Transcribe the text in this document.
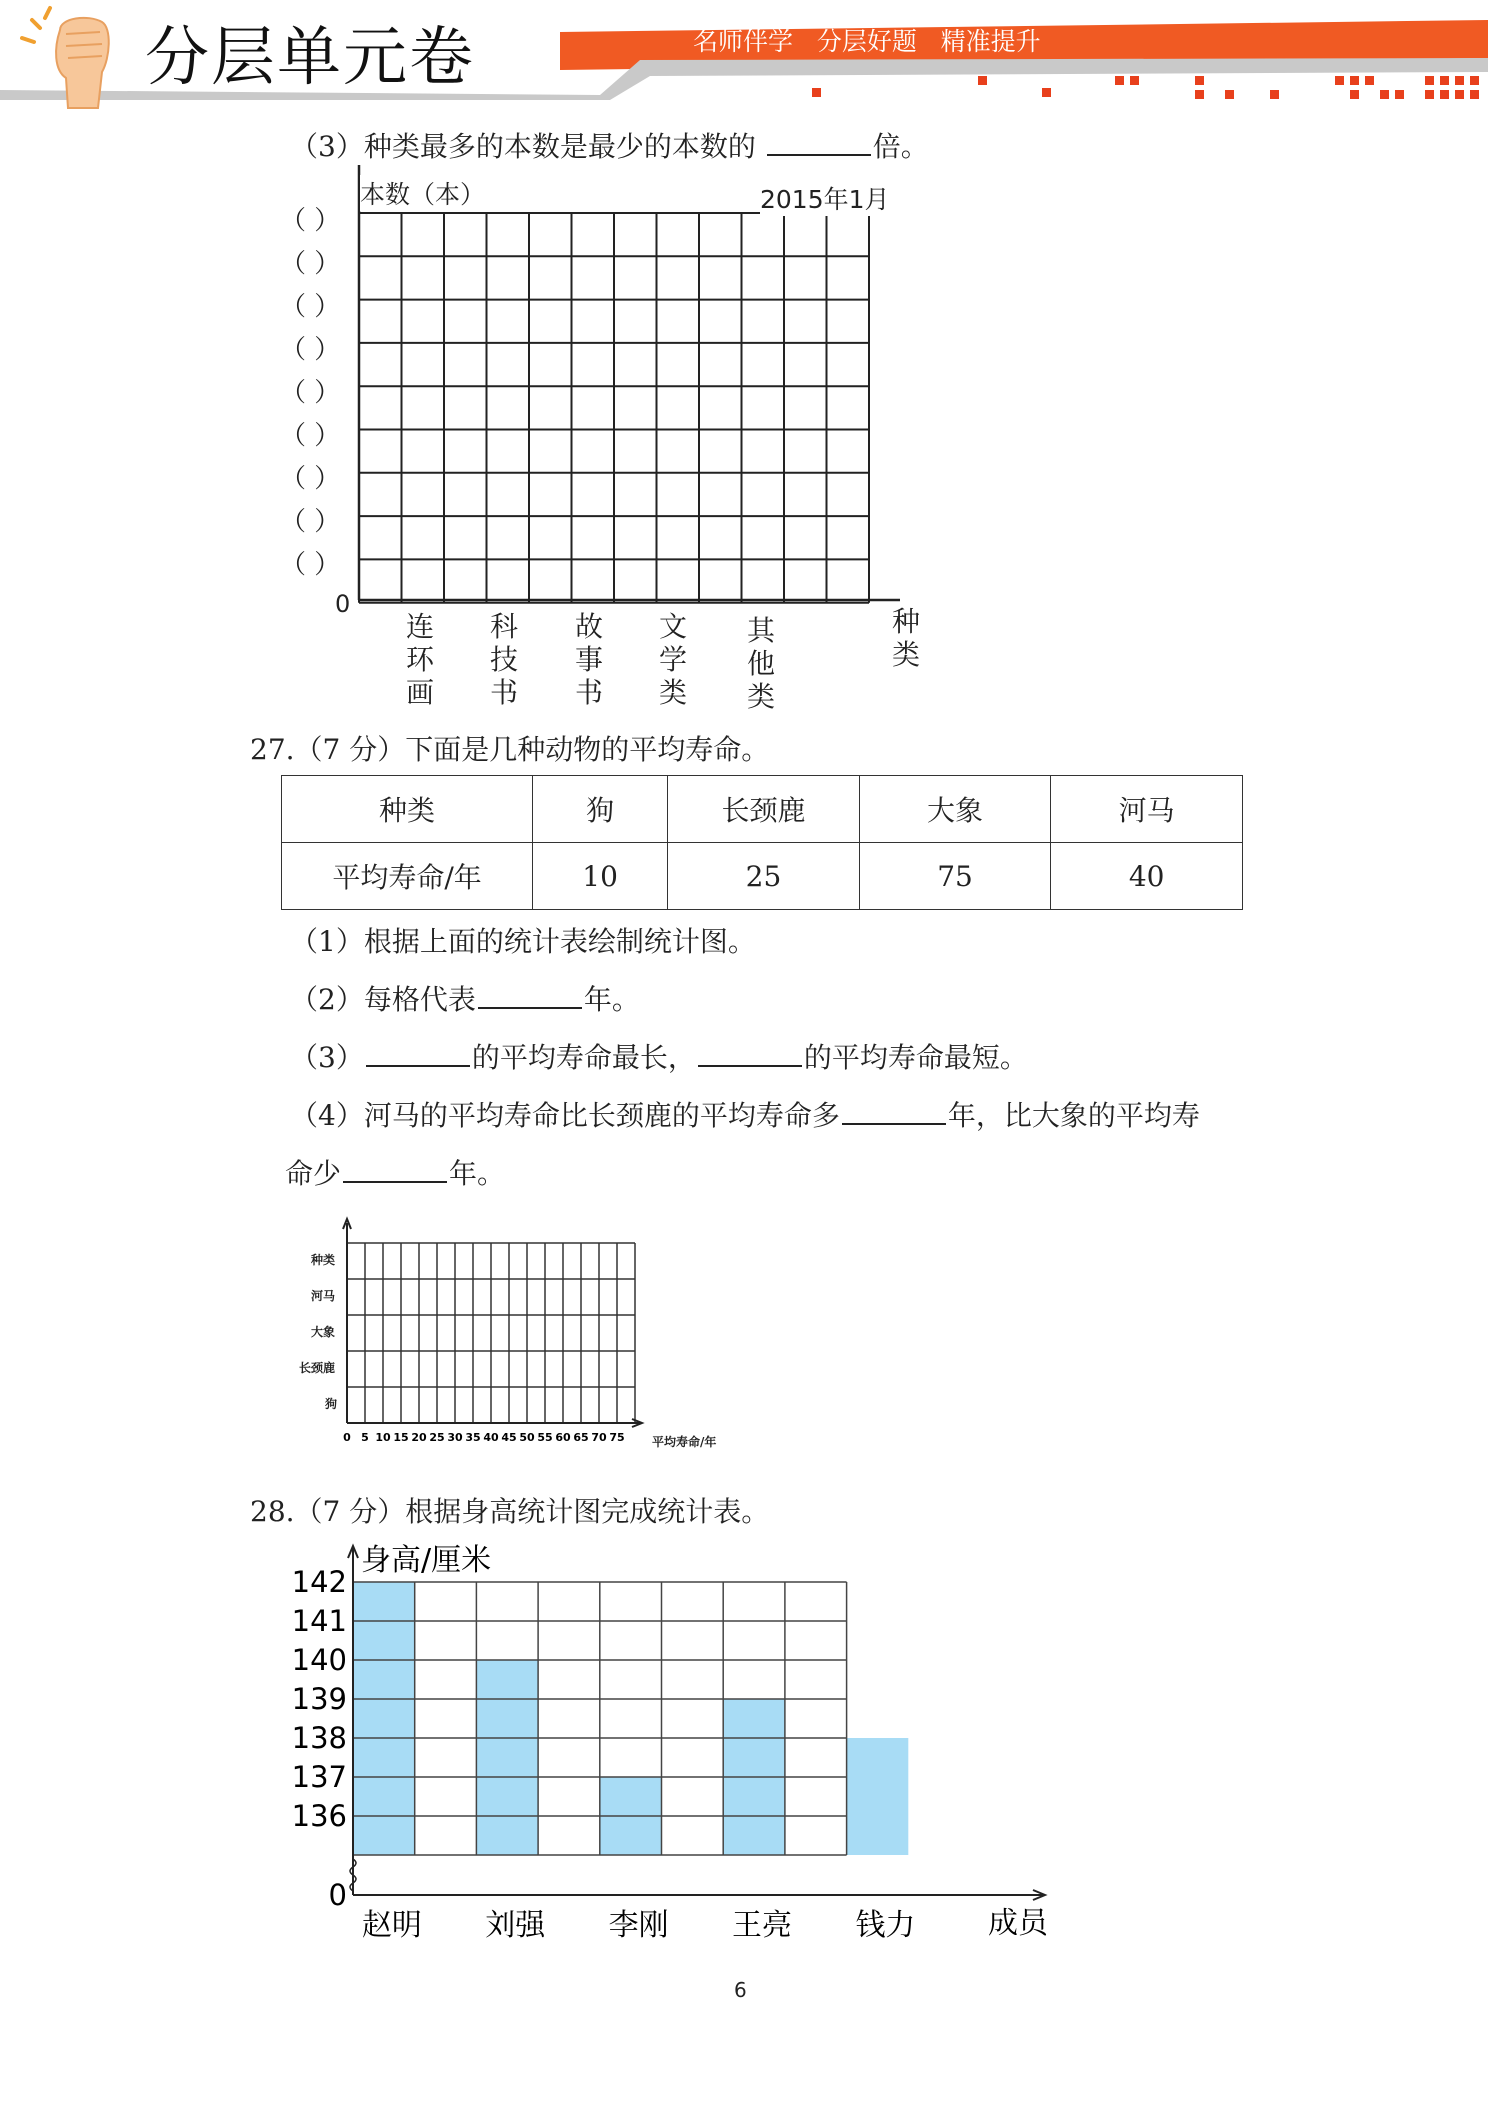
分层单元卷	名师伴学   分层好题   精准提升
（3）种类最多的本数是最少的本数的	倍。
本数（本）	2015年1月
（ ）
（ ）
（ ）
（ ）
（ ）
（ ）
（ ）
（ ）
（ ）
0
连
环
画
科
技
书
故
事
书
文
学
类
其
他
类
种
类
27.（7 分）下面是几种动物的平均寿命。
种类	狗	长颈鹿	大象	河马
平均寿命/年	10	25	75	40
（1）根据上面的统计表绘制统计图。
（2）每格代表	年。
（3）	的平均寿命最长，	的平均寿命最短。
（4）河马的平均寿命比长颈鹿的平均寿命多	年，比大象的平均寿
命少	年。
0 5 10 15 20 25 30 35 40 45 50 55 60 65 70 75
种类
河马
大象
长颈鹿
狗
平均寿命/年
28.（7 分）根据身高统计图完成统计表。
142
141
140
139
138
137
136
0
身高/厘米
赵明 刘强 李刚 王亮 钱力 成员
6
